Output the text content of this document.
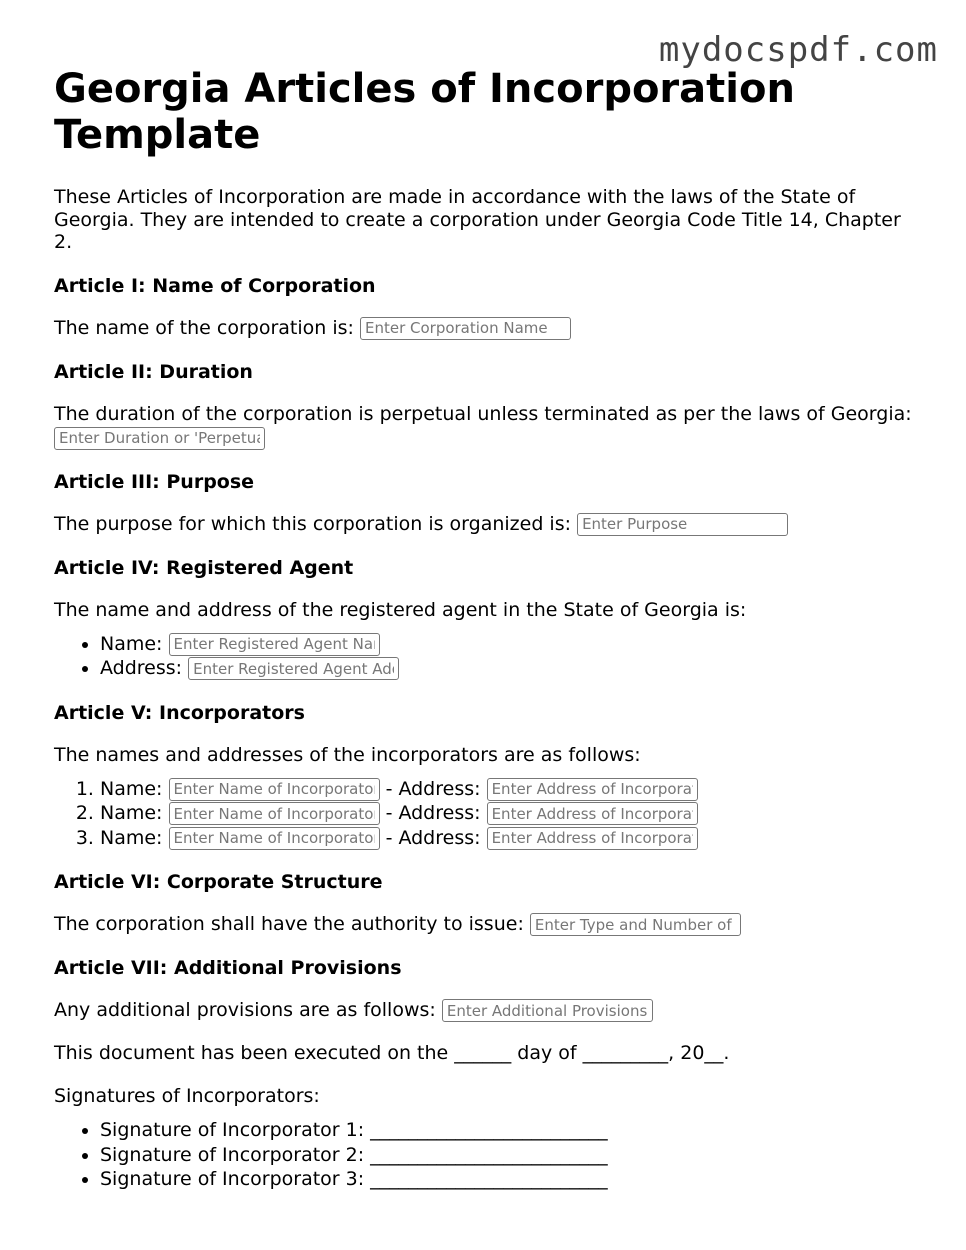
mydocspdf.com
Georgia Articles of Incorporation Template
These Articles of Incorporation are made in accordance with the laws of the State of Georgia. They are intended to create a corporation under Georgia Code Title 14, Chapter 2.
Article I: Name of Corporation

The name of the corporation is: Enter Corporation Name

Article II: Duration

The duration of the corporation is perpetual unless terminated as per the laws of Georgia:
Enter Duration or 'Perpetual'

Article III: Purpose

The purpose for which this corporation is organized is: Enter Purpose

Article IV: Registered Agent

The name and address of the registered agent in the State of Georgia is:

• Name: Enter Registered Agent Name
• Address: Enter Registered Agent Address
Article V: Incorporators

The names and addresses of the incorporators are as follows:

1. Name: Enter Name of Incorporator	- Address: Enter Address of Incorporator
2. Name: Enter Name of Incorporator	- Address: Enter Address of Incorporator
3. Name: Enter Name of Incorporator	- Address: Enter Address of Incorporator
Article VI: Corporate Structure

The corporation shall have the authority to issue: Enter Type and Number of Shares

Article VII: Additional Provisions

Any additional provisions are as follows: Enter Additional Provisions

This document has been executed on the ______ day of _________, 20__.

Signatures of Incorporators:

• Signature of Incorporator 1: _________________________
• Signature of Incorporator 2: _________________________
• Signature of Incorporator 3: _________________________
